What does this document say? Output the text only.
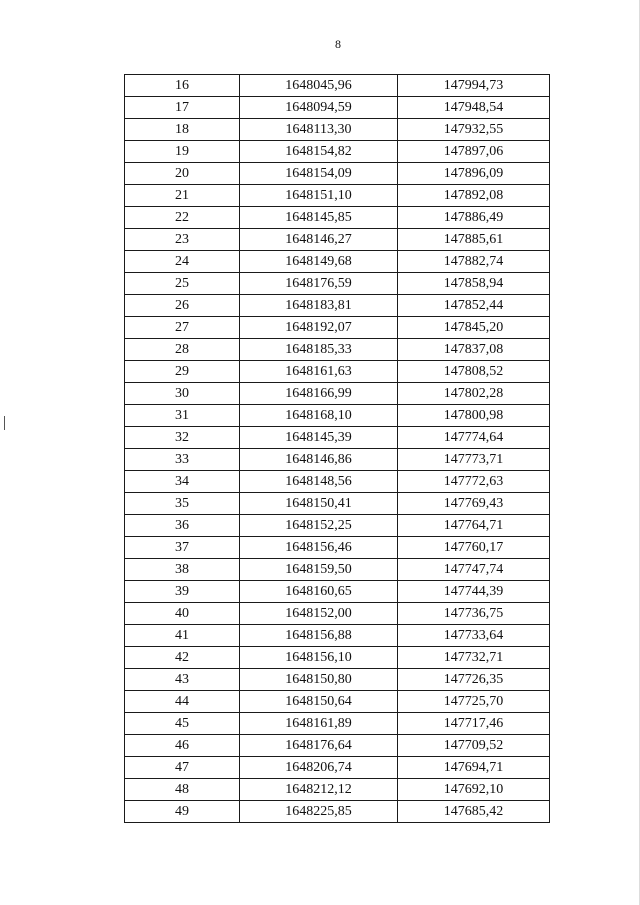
8
16	1648045,96	147994,73
17	1648094,59	147948,54
18	1648113,30	147932,55
19	1648154,82	147897,06
20	1648154,09	147896,09
21	1648151,10	147892,08
22	1648145,85	147886,49
23	1648146,27	147885,61
24	1648149,68	147882,74
25	1648176,59	147858,94
26	1648183,81	147852,44
27	1648192,07	147845,20
28	1648185,33	147837,08
29	1648161,63	147808,52
30	1648166,99	147802,28
31	1648168,10	147800,98
32	1648145,39	147774,64
33	1648146,86	147773,71
34	1648148,56	147772,63
35	1648150,41	147769,43
36	1648152,25	147764,71
37	1648156,46	147760,17
38	1648159,50	147747,74
39	1648160,65	147744,39
40	1648152,00	147736,75
41	1648156,88	147733,64
42	1648156,10	147732,71
43	1648150,80	147726,35
44	1648150,64	147725,70
45	1648161,89	147717,46
46	1648176,64	147709,52
47	1648206,74	147694,71
48	1648212,12	147692,10
49	1648225,85	147685,42
